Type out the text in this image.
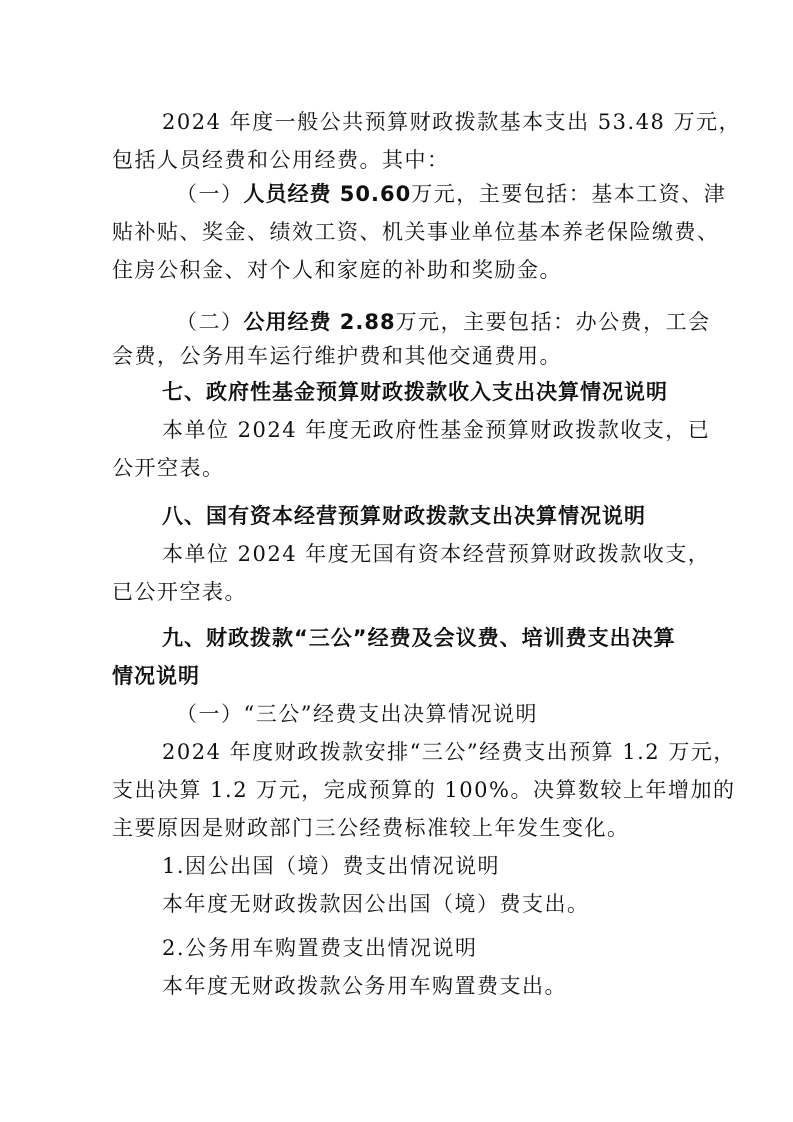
2024 年度一般公共预算财政拨款基本支出 53.48 万元，
包括人员经费和公用经费。其中：
（一）人员经费 50.60万元，主要包括：基本工资、津
贴补贴、奖金、绩效工资、机关事业单位基本养老保险缴费、
住房公积金、对个人和家庭的补助和奖励金。
（二）公用经费 2.88万元，主要包括：办公费，工会
会费，公务用车运行维护费和其他交通费用。
七、政府性基金预算财政拨款收入支出决算情况说明
本单位 2024 年度无政府性基金预算财政拨款收支，已
公开空表。
八、国有资本经营预算财政拨款支出决算情况说明
本单位 2024 年度无国有资本经营预算财政拨款收支，
已公开空表。
九、财政拨款“三公”经费及会议费、培训费支出决算
情况说明
（一）“三公”经费支出决算情况说明
2024 年度财政拨款安排“三公”经费支出预算 1.2 万元，
支出决算 1.2 万元，完成预算的 100%。决算数较上年增加的
主要原因是财政部门三公经费标准较上年发生变化。
1.因公出国（境）费支出情况说明
本年度无财政拨款因公出国（境）费支出。
2.公务用车购置费支出情况说明
本年度无财政拨款公务用车购置费支出。
